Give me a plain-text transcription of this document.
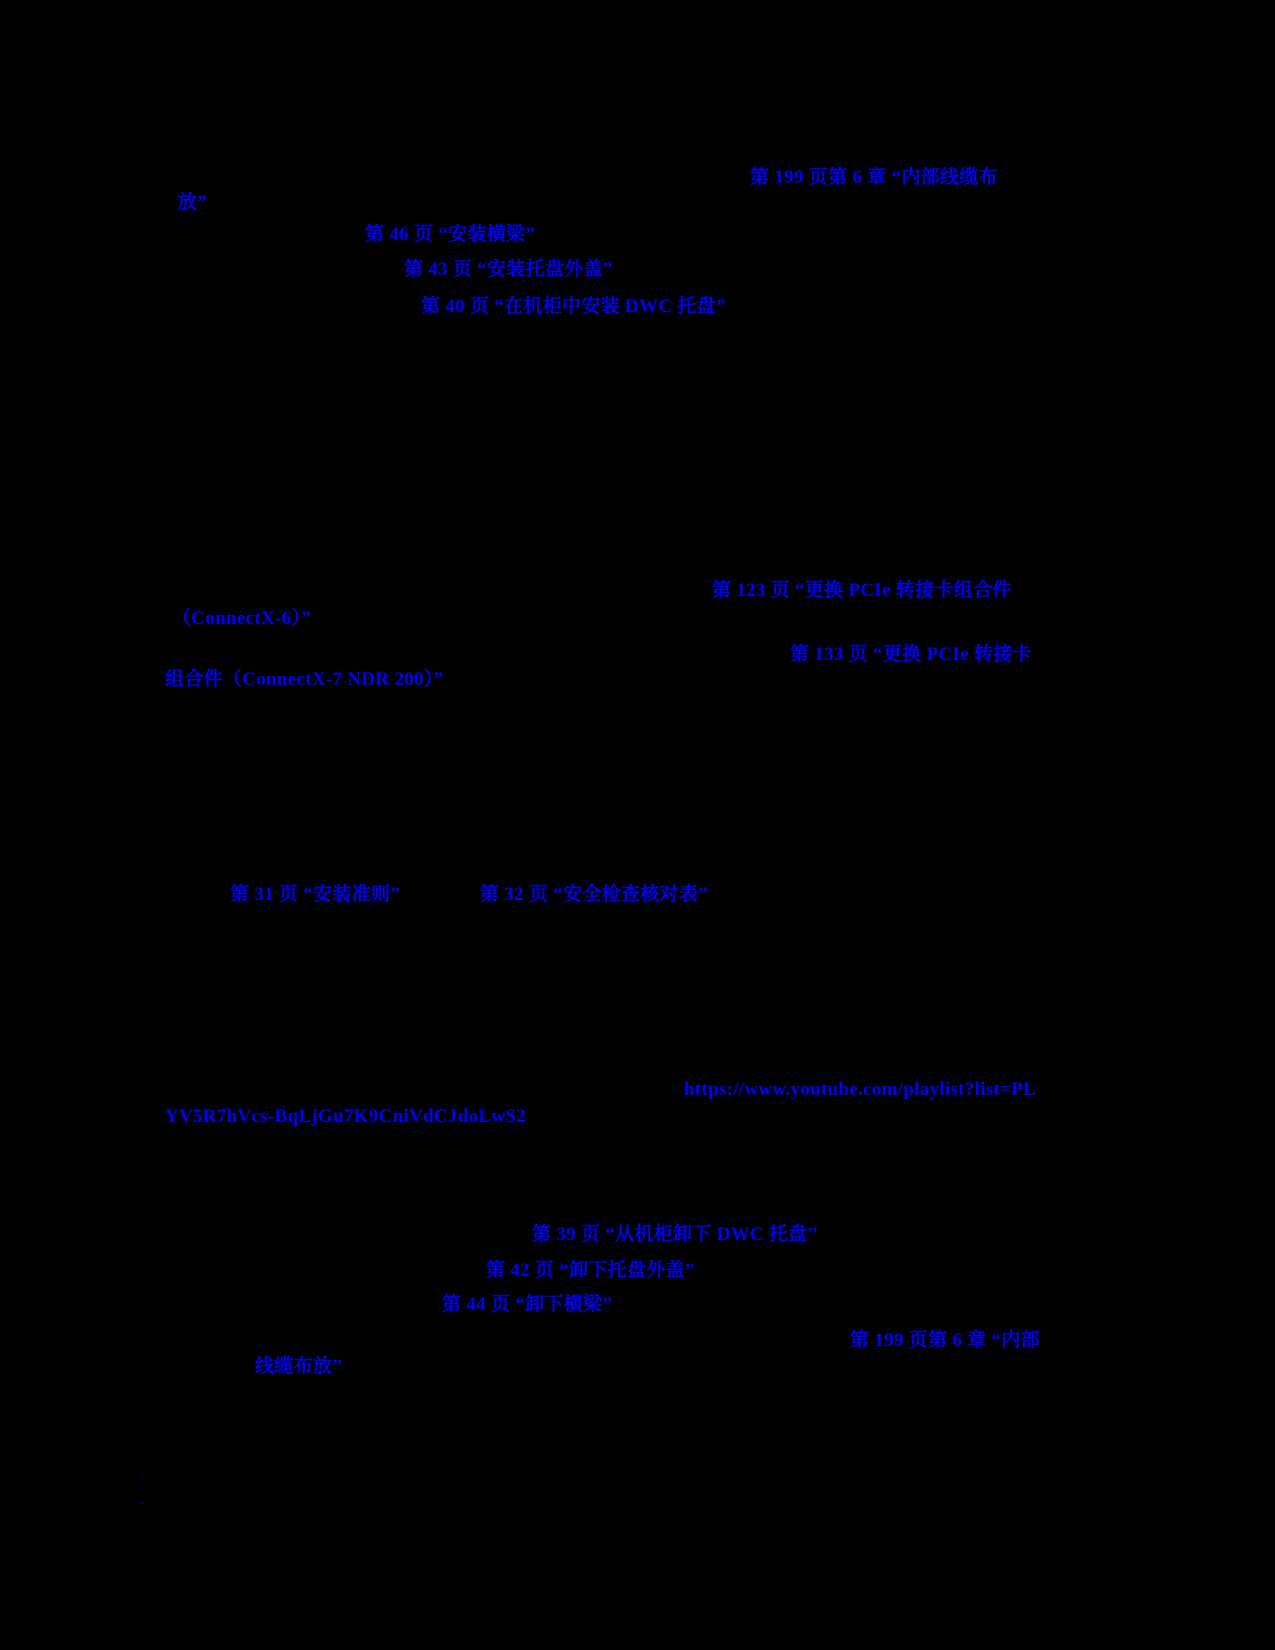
第 199 页第 6 章 “内部线缆布
放”
第 46 页 “安装横梁”
第 43 页 “安装托盘外盖”
第 40 页 “在机柜中安装 DWC 托盘”
第 123 页 “更换 PCIe 转接卡组合件
（ConnectX-6）”
第 133 页 “更换 PCIe 转接卡
组合件（ConnectX-7 NDR 200）”
第 31 页 “安装准则”	第 32 页 “安全检查核对表”
https://www.youtube.com/playlist?list=PL
YV5R7hVcs-BqLjGu7K9CniVdCJdoLwS2
第 39 页 “从机柜卸下 DWC 托盘”
第 42 页 “卸下托盘外盖”
第 44 页 “卸下横梁”
第 199 页第 6 章 “内部
线缆布放”
.
.
